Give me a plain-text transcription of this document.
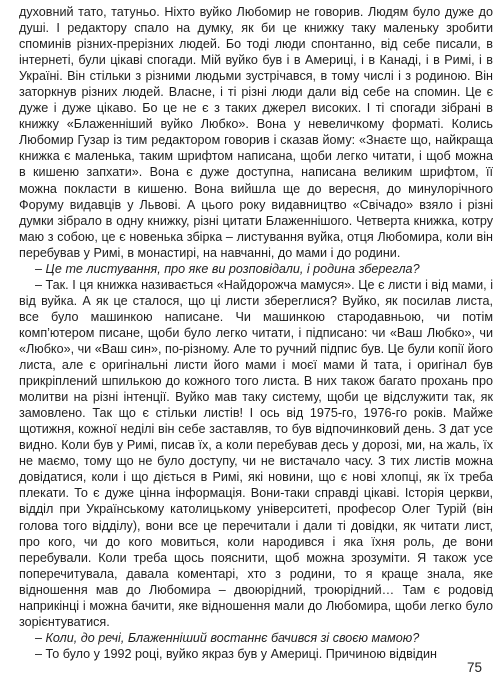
духовний тато, татуньо. Ніхто вуйко Любомир не говорив. Людям було дуже до душі. І редактору спало на думку, як би це книжку таку маленьку зробити споминів різних-прерізних людей. Бо тоді люди спонтанно, від себе писали, в інтернеті, були цікаві спогади. Мій вуйко був і в Америці, і в Канаді, і в Римі, і в Україні. Він стільки з різними людьми зустрічався, в тому числі і з родиною. Він заторкнув різних людей. Власне, і ті різні люди дали від себе на спомин. Це є дуже і дуже цікаво. Бо це не є з таких джерел високих. І ті спогади зібрані в книжку «Блаженніший вуйко Любко». Вона у невеличкому форматі. Колись Любомир Гузар із тим редактором говорив і сказав йому: «Знаєте що, найкраща книжка є маленька, таким шрифтом написана, щоби легко читати, і щоб можна в кишеню запхати». Вона є дуже доступна, написана великим шрифтом, її можна покласти в кишеню. Вона вийшла ще до вересня, до минулорічного Форуму видавців у Львові. А цього року видавництво «Свічадо» взяло і різні думки зібрало в одну книжку, різні цитати Блаженнішого. Четверта книжка, котру маю з собою, це є новенька збірка – листування вуйка, отця Любомира, коли він перебував у Римі, в монастирі, на навчанні, до мами і до родини.

– Це те листування, про яке ви розповідали, і родина зберегла?

– Так. І ця книжка називається «Найдорожча мамуся». Це є листи і від мами, і від вуйка. А як це сталося, що ці листи збереглися? Вуйко, як посилав листа, все було машинкою написане. Чи машинкою стародавньою, чи потім комп’ютером писане, щоби було легко читати, і підписано: чи «Ваш Любко», чи «Любко», чи «Ваш син», по-різному. Але то ручний підпис був. Це були копії його листа, але є оригінальні листи його мами і моєї мами й тата, і оригінал був прикріплений шпилькою до кожного того листа. В них також багато прохань про молитви на різні інтенції. Вуйко мав таку систему, щоби це відслужити так, як замовлено. Так що є стільки листів! І ось від 1975-го, 1976-го років. Майже щотижня, кожної неділі він себе заставляв, то був відпочинковий день. З дат усе видно. Коли був у Римі, писав їх, а коли перебував десь у дорозі, ми, на жаль, їх не маємо, тому що не було доступу, чи не вистачало часу. З тих листів можна довідатися, коли і що діється в Римі, які новини, що є нові хлопці, як їх треба плекати. То є дуже цінна інформація. Вони-таки справді цікаві. Історія церкви, відділ при Українському католицькому університеті, професор Олег Турій (він голова того відділу), вони все це перечитали і дали ті довідки, як читати лист, про кого, чи до кого мовиться, коли народився і яка їхня роль, де вони перебували. Коли треба щось пояснити, щоб можна зрозуміти. Я також усе поперечитувала, давала коментарі, хто з родини, то я краще знала, яке відношення мав до Любомира – двоюрідний, троюрідний… Там є родовід наприкінці і можна бачити, яке відношення мали до Любомира, щоби легко було зорієнтуватися.

– Коли, до речі, Блаженніший востаннє бачився зі своєю мамою?

– То було у 1992 році, вуйко якраз був у Америці. Причиною відвідин

75
